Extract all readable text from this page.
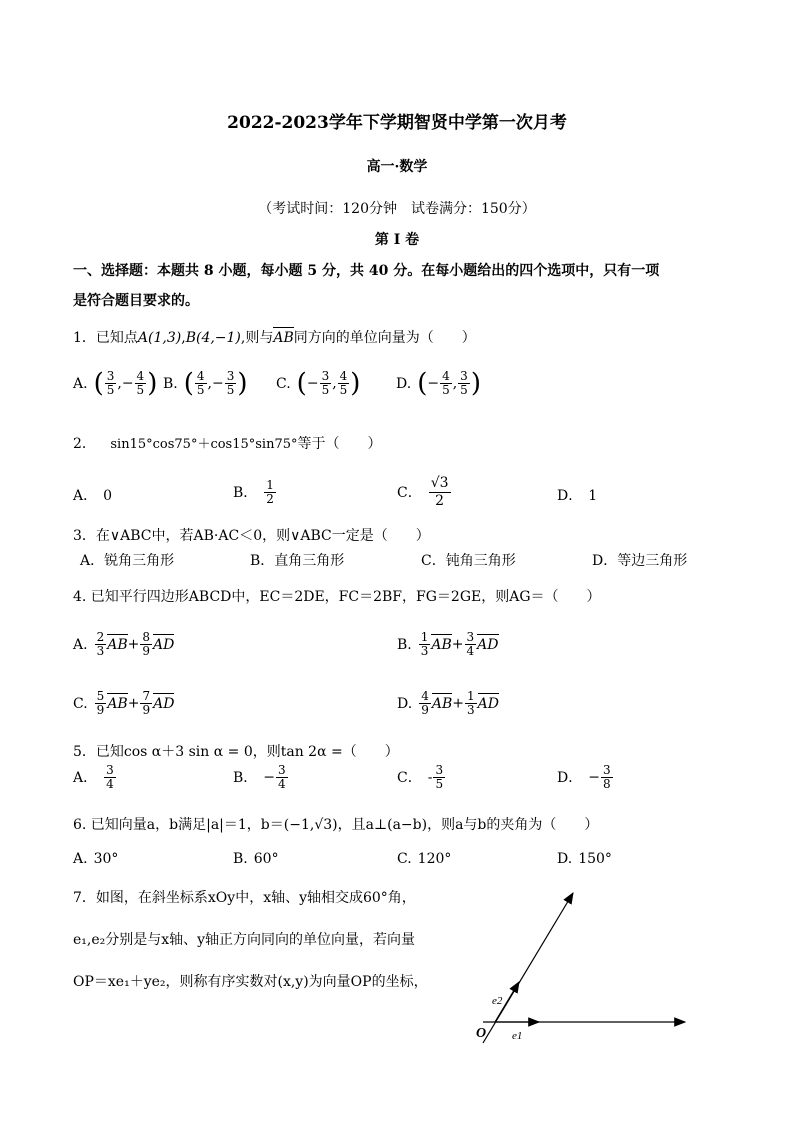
2022-2023学年下学期智贤中学第一次月考
高一·数学
（考试时间：120分钟　试卷满分：150分）
第 I 卷
一、选择题：本题共 8 小题，每小题 5 分，共 40 分。在每小题给出的四个选项中，只有一项
是符合题目要求的。
1．已知点A(1,3),B(4,−1),则与AB同方向的单位向量为（　　）
A. ( $\frac{3}{5}$ ,− $\frac{4}{5}$ ) B. ( $\frac{4}{5}$ ,− $\frac{3}{5}$ ) C. (− $\frac{3}{5}$ , $\frac{4}{5}$ )	D. (− $\frac{4}{5}$ , $\frac{3}{5}$ )
2． sin15°cos75°＋cos15°sin75°等于（　　）
A． 0	B． $\frac{1}{2}$	C． $\frac{√3}{2}$	D． 1
3．在∨ABC中，若AB·AC＜0，则∨ABC一定是（　　）
A．锐角三角形	B．直角三角形	C．钝角三角形	D．等边三角形
4. 已知平行四边形ABCD中，EC＝2DE，FC＝2BF，FG＝2GE，则AG＝（　　）
A. $\frac{2}{3} AB+ \frac{8}{9}$ AD	B. $\frac{1}{3} AB+ \frac{3}{4}$ AD
C. $\frac{5}{9} AB+ \frac{7}{9}$ AD	D. $\frac{4}{9} AB+ \frac{1}{3}$ AD
5．已知cos α＋3 sin α = 0，则tan 2α =（　　）
A． $\frac{3}{4}$	B． − $\frac{3}{4}$	C． - $\frac{3}{5}$	D． − $\frac{3}{8}$
6. 已知向量a，b满足|a|＝1，b＝(−1,√3)，且a⊥(a−b)，则a与b的夹角为（　　）
A. 30°	B. 60°	C. 120°	D. 150°
7．如图，在斜坐标系xOy中，x轴、y轴相交成60°角，
e₁,e₂分别是与x轴、y轴正方向同向的单位向量，若向量
OP＝xe₁＋ye₂，则称有序实数对(x,y)为向量OP的坐标，
O e1
e2
